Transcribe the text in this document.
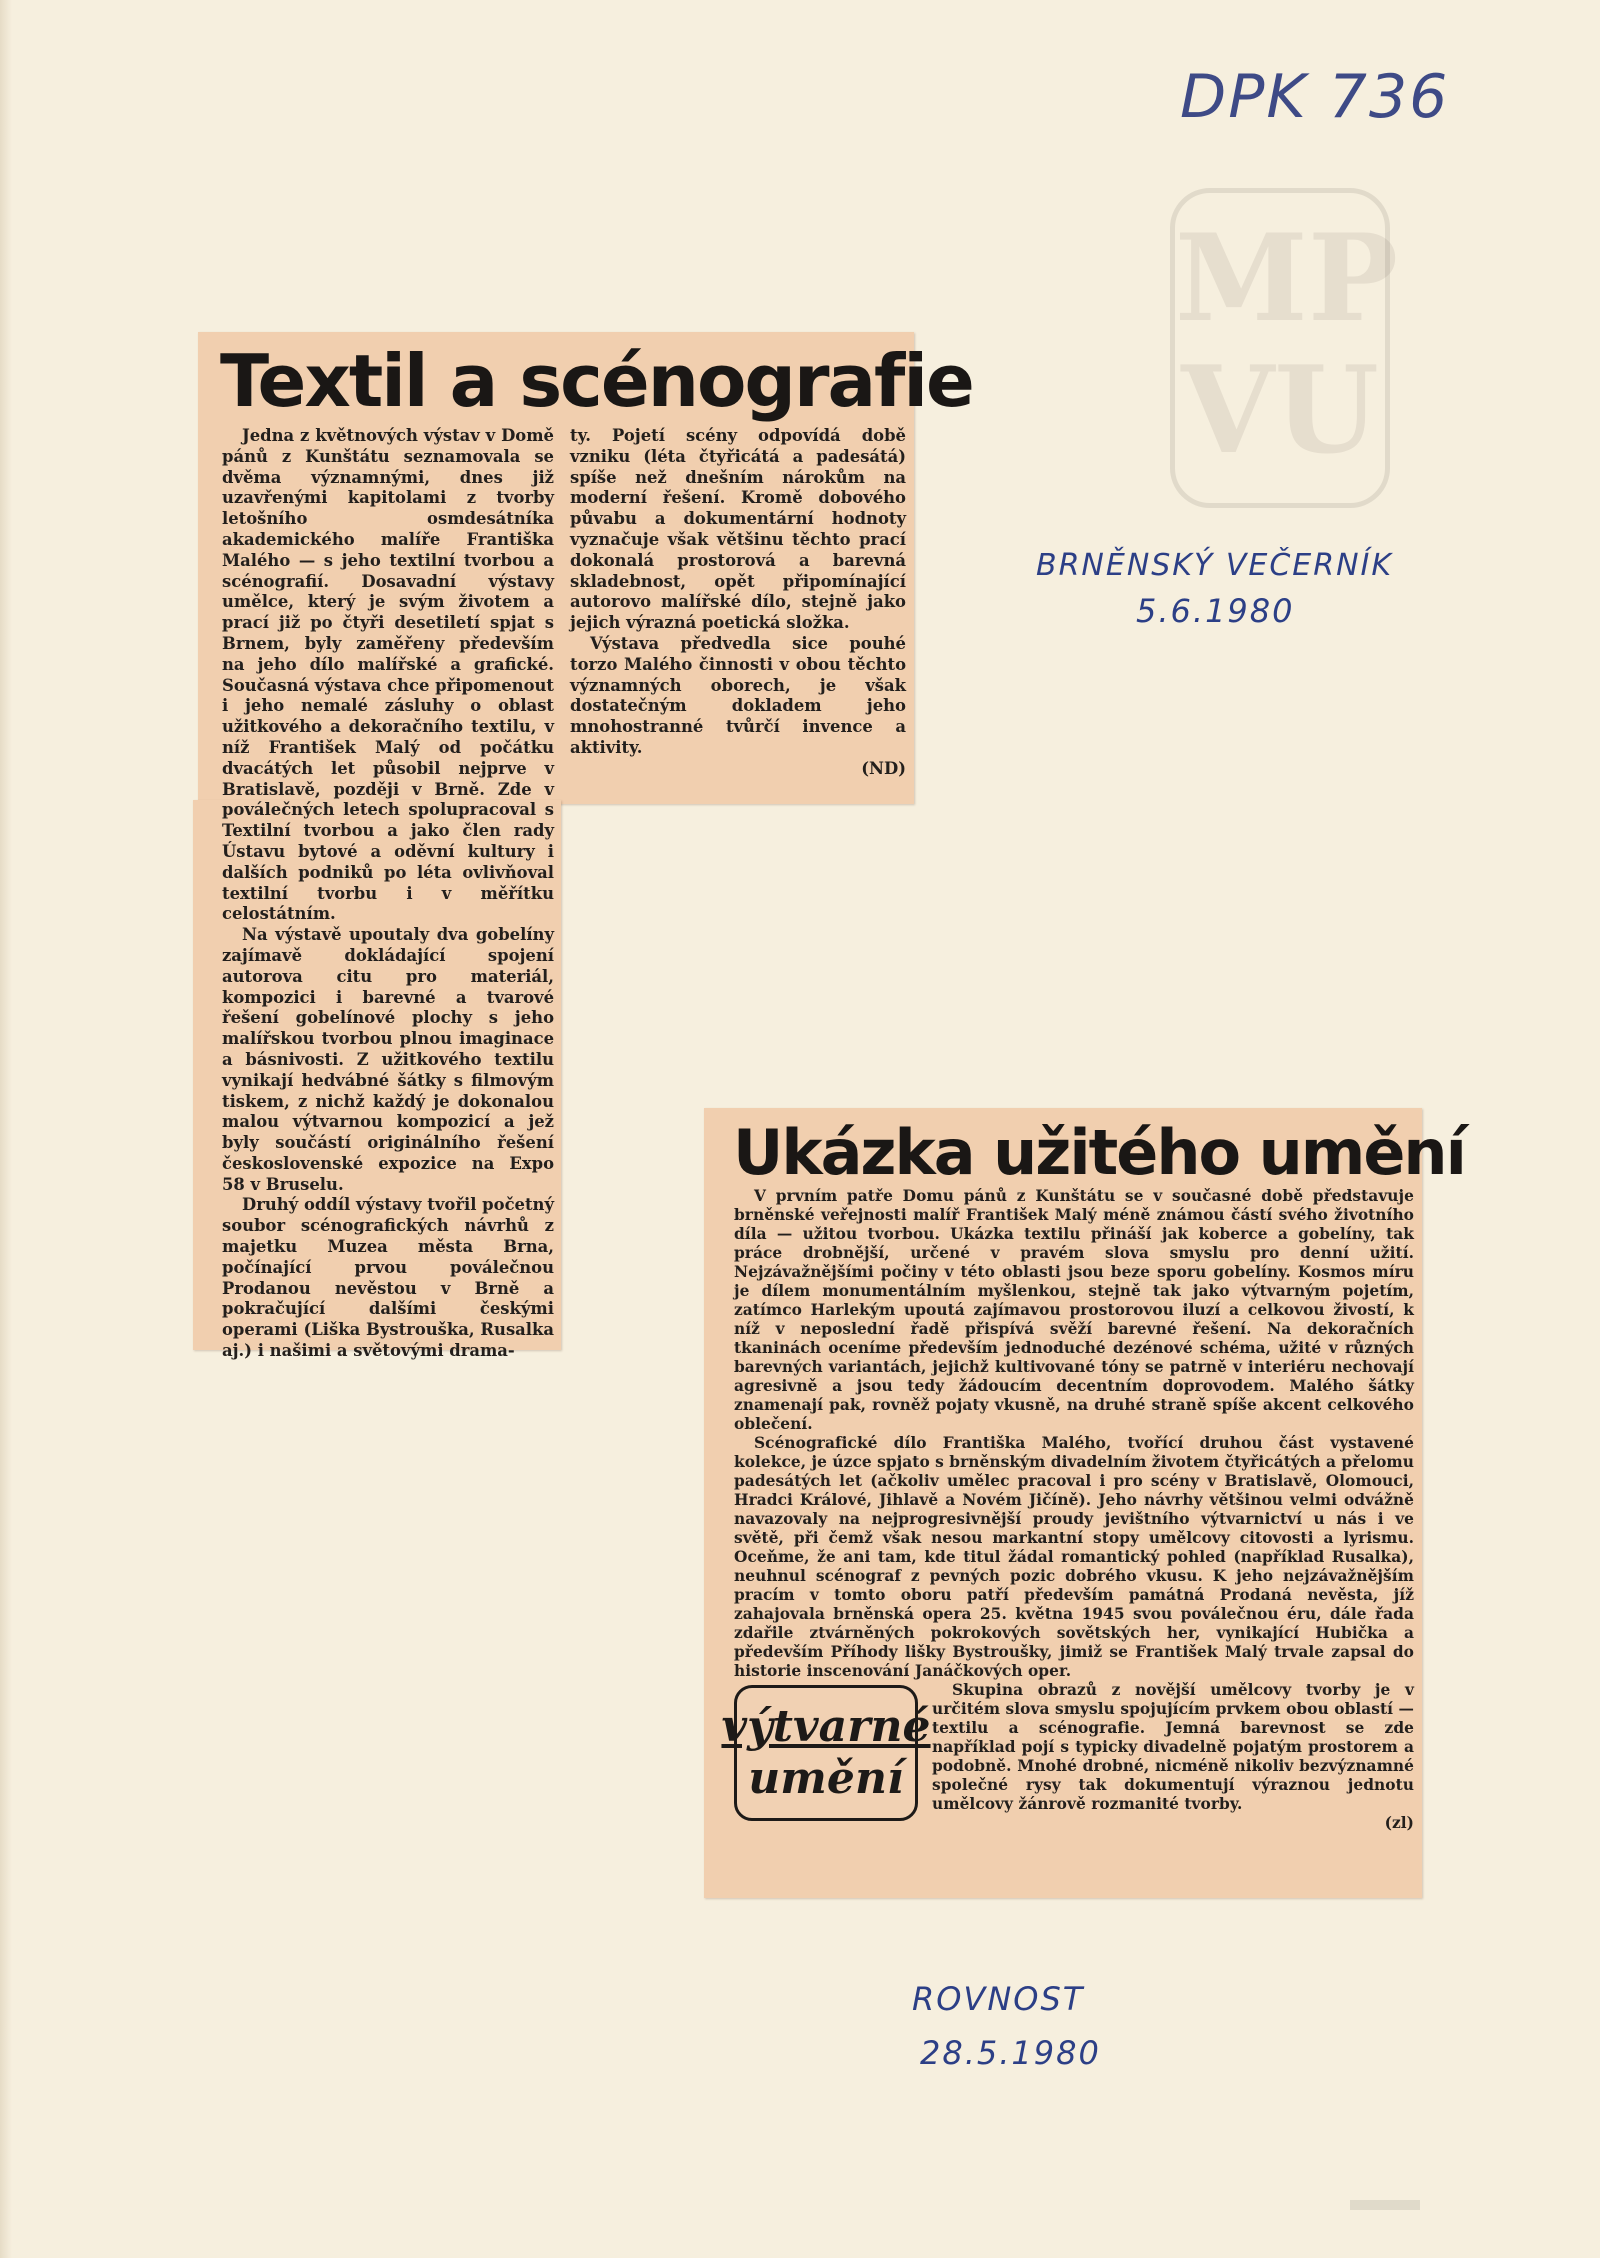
DPK 736
BRNĚNSKÝ VEČERNÍK
5.6.1980
ROVNOST
28.5.1980
MP
VU
Textil a scénografie

Jedna z květnových výstav v Domě pánů z Kunštátu seznamovala se dvěma významnými, dnes již uzavřenými kapitolami z tvorby letošního osmdesátníka akademického malíře Františka Malého — s jeho textilní tvorbou a scénografií. Dosavadní výstavy umělce, který je svým životem a prací již po čtyři desetiletí spjat s Brnem, byly zaměřeny především na jeho dílo malířské a grafické. Současná výstava chce připomenout i jeho nemalé zásluhy o oblast užitkového a dekoračního textilu, v níž František Malý od počátku dvacátých let působil nejprve v Bratislavě, později v Brně. Zde v poválečných letech spolupracoval s Textilní tvorbou a jako člen rady Ústavu bytové a oděvní kultury i dalších podniků po léta ovlivňoval textilní tvorbu i v měřítku celostátním.

Na výstavě upoutaly dva gobelíny zajímavě dokládající spojení autorova citu pro materiál, kompozici i barevné a tvarové řešení gobelínové plochy s jeho malířskou tvorbou plnou imaginace a básnivosti. Z užitkového textilu vynikají hedvábné šátky s filmovým tiskem, z nichž každý je dokonalou malou výtvarnou kompozicí a jež byly součástí originálního řešení československé expozice na Expo 58 v Bruselu.

Druhý oddíl výstavy tvořil početný soubor scénografických návrhů z majetku Muzea města Brna, počínající prvou poválečnou Prodanou nevěstou v Brně a pokračující dalšími českými operami (Liška Bystrouška, Rusalka aj.) i našimi a světovými drama-

ty. Pojetí scény odpovídá době vzniku (léta čtyřicátá a padesátá) spíše než dnešním nárokům na moderní řešení. Kromě dobového půvabu a dokumentární hodnoty vyznačuje však většinu těchto prací dokonalá prostorová a barevná skladebnost, opět připomínající autorovo malířské dílo, stejně jako jejich výrazná poetická složka.

Výstava předvedla sice pouhé torzo Malého činnosti v obou těchto významných oborech, je však dostatečným dokladem jeho mnohostranné tvůrčí invence a aktivity.

(ND)
Ukázka užitého umění

V prvním patře Domu pánů z Kunštátu se v současné době představuje brněnské veřejnosti malíř František Malý méně známou částí svého životního díla — užitou tvorbou. Ukázka textilu přináší jak koberce a gobelíny, tak práce drobnější, určené v pravém slova smyslu pro denní užití. Nejzávažnějšími počiny v této oblasti jsou beze sporu gobelíny. Kosmos míru je dílem monumentálním myšlenkou, stejně tak jako výtvarným pojetím, zatímco Harlekým upoutá zajímavou prostorovou iluzí a celkovou živostí, k níž v neposlední řadě přispívá svěží barevné řešení. Na dekoračních tkaninách oceníme především jednoduché dezénové schéma, užité v různých barevných variantách, jejichž kultivované tóny se patrně v interiéru nechovají agresivně a jsou tedy žádoucím decentním doprovodem. Malého šátky znamenají pak, rovněž pojaty vkusně, na druhé straně spíše akcent celkového oblečení.

Scénografické dílo Františka Malého, tvořící druhou část vystavené kolekce, je úzce spjato s brněnským divadelním životem čtyřicátých a přelomu padesátých let (ačkoliv umělec pracoval i pro scény v Bratislavě, Olomouci, Hradci Králové, Jihlavě a Novém Jičíně). Jeho návrhy většinou velmi odvážně navazovaly na nejprogresivnější proudy jevištního výtvarnictví u nás i ve světě, při čemž však nesou markantní stopy umělcovy citovosti a lyrismu. Oceňme, že ani tam, kde titul žádal romantický pohled (například Rusalka), neuhnul scénograf z pevných pozic dobrého vkusu. K jeho nejzávažnějším pracím v tomto oboru patří především památná Prodaná nevěsta, jíž zahajovala brněnská opera 25. května 1945 svou poválečnou éru, dále řada zdařile ztvárněných pokrokových sovětských her, vynikající Hubička a především Příhody lišky Bystroušky, jimiž se František Malý trvale zapsal do historie inscenování Janáčkových oper.

výtvarné
umění

Skupina obrazů z novější umělcovy tvorby je v určitém slova smyslu spojujícím prvkem obou oblastí — textilu a scénografie. Jemná barevnost se zde například pojí s typicky divadelně pojatým prostorem a podobně. Mnohé drobné, nicméně nikoliv bezvýznamné společné rysy tak dokumentují výraznou jednotu umělcovy žánrově rozmanité tvorby.

(zl)
